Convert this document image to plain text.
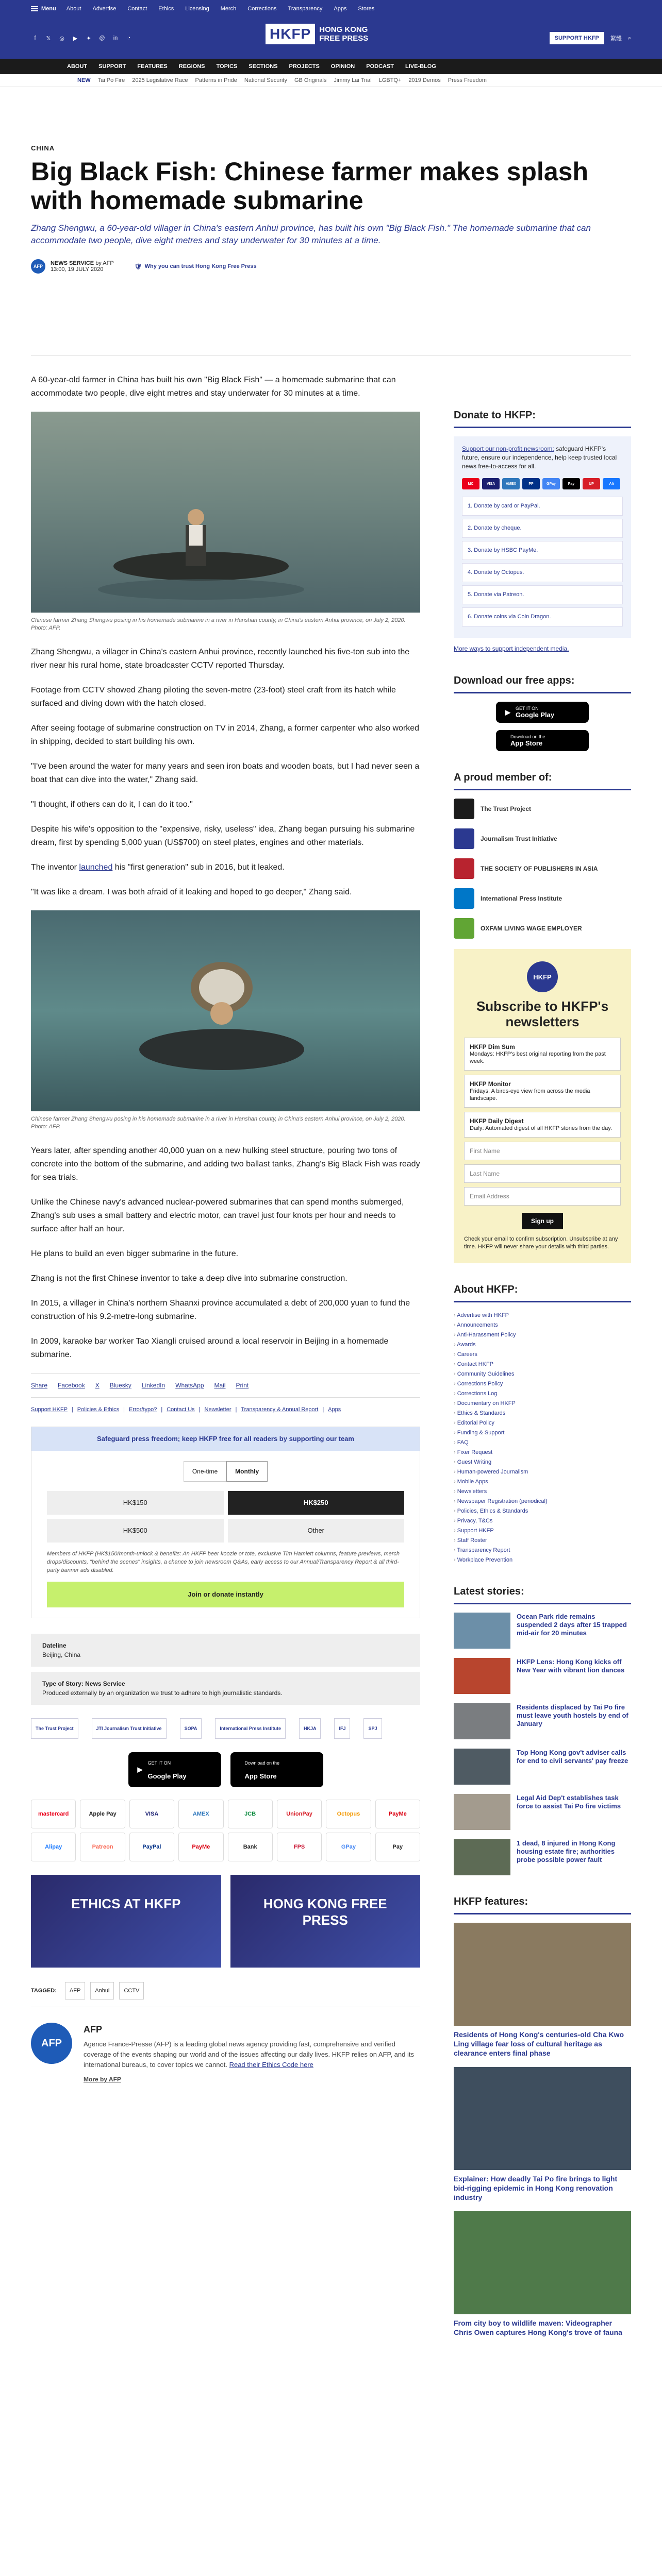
Menu About Advertise Contact Ethics Licensing Merch Corrections Transparency Apps Stores
f	𝕏	◎	▶	✦	@	in	◔	HKFP	HONG KONG
FREE PRESS	SUPPORT HKFP	繁體 ⌕
ABOUT SUPPORT FEATURES REGIONS TOPICS SECTIONS PROJECTS OPINION PODCAST LIVE-BLOG
NEW Tai Po Fire 2025 Legislative Race Patterns in Pride National Security GB Originals Jimmy Lai Trial LGBTQ+ 2019 Demos Press Freedom
CHINA
Big Black Fish: Chinese farmer makes splash with homemade submarine

Zhang Shengwu, a 60-year-old villager in China's eastern Anhui province, has built his own "Big Black Fish." The homemade submarine that can accommodate two people, dive eight metres and stay underwater for 30 minutes at a time.

AFP	NEWS SERVICE by AFP
13:00, 19 JULY 2020	🛡 Why you can trust Hong Kong Free Press

A 60-year-old farmer in China has built his own "Big Black Fish" — a homemade submarine that can accommodate two people, dive eight metres and stay underwater for 30 minutes at a time.

Chinese farmer Zhang Shengwu posing in his homemade submarine in a river in Hanshan county, in China's eastern Anhui province, on July 2, 2020. Photo: AFP.

Zhang Shengwu, a villager in China's eastern Anhui province, recently launched his five-ton sub into the river near his rural home, state broadcaster CCTV reported Thursday.

Footage from CCTV showed Zhang piloting the seven-metre (23-foot) steel craft from its hatch while surfaced and diving down with the hatch closed.

After seeing footage of submarine construction on TV in 2014, Zhang, a former carpenter who also worked in shipping, decided to start building his own.

"I've been around the water for many years and seen iron boats and wooden boats, but I had never seen a boat that can dive into the water," Zhang said.

"I thought, if others can do it, I can do it too."

Despite his wife's opposition to the "expensive, risky, useless" idea, Zhang began pursuing his submarine dream, first by spending 5,000 yuan (US$700) on steel plates, engines and other materials.

The inventor launched his "first generation" sub in 2016, but it leaked.

"It was like a dream. I was both afraid of it leaking and hoped to go deeper," Zhang said.

Chinese farmer Zhang Shengwu posing in his homemade submarine in a river in Hanshan county, in China's eastern Anhui province, on July 2, 2020. Photo: AFP.

Years later, after spending another 40,000 yuan on a new hulking steel structure, pouring two tons of concrete into the bottom of the submarine, and adding two ballast tanks, Zhang's Big Black Fish was ready for sea trials.

Unlike the Chinese navy's advanced nuclear-powered submarines that can spend months submerged, Zhang's sub uses a small battery and electric motor, can travel just four knots per hour and needs to surface after half an hour.

He plans to build an even bigger submarine in the future.

Zhang is not the first Chinese inventor to take a deep dive into submarine construction.

In 2015, a villager in China's northern Shaanxi province accumulated a debt of 200,000 yuan to fund the construction of his 9.2-metre-long submarine.

In 2009, karaoke bar worker Tao Xiangli cruised around a local reservoir in Beijing in a homemade submarine.

Share Facebook X Bluesky LinkedIn WhatsApp Mail Print
Support HKFP | Policies & Ethics | Error/typo? | Contact Us | Newsletter | Transparency & Annual Report | Apps
Safeguard press freedom; keep HKFP free for all readers by supporting our team
One-time	Monthly
HK$150	HK$250
HK$500	Other
Members of HKFP (HK$150/month-unlock & benefits: An HKFP beer koozie or tote, exclusive Tim Hamlett columns, feature previews, merch drops/discounts, "behind the scenes" insights, a chance to join newsroom Q&As, early access to our Annual/Transparency Report & all third-party banner ads disabled.
Join or donate instantly
Dateline
Beijing, China
Type of Story: News Service
Produced externally by an organization we trust to adhere to high journalistic standards.
The Trust Project	JTI Journalism Trust Initiative	SOPA	International Press Institute	HKJA	IFJ	SPJ
▶
GET IT ON
Google Play
Download on the
App Store
mastercard	Apple Pay	VISA	AMEX	JCB	UnionPay	Octopus	PayMe
Alipay	Patreon	PayPal	PayMe	Bank	FPS	GPay	Pay
ETHICS AT HKFP	HONG KONG FREE PRESS
TAGGED:	AFP	Anhui	CCTV
AFP
AFP

Agence France-Presse (AFP) is a leading global news agency providing fast, comprehensive and verified coverage of the events shaping our world and of the issues affecting our daily lives. HKFP relies on AFP, and its international bureaus, to cover topics we cannot. Read their Ethics Code here

More by AFP

Donate to HKFP:

Support our non-profit newsroom: safeguard HKFP's future, ensure our independence, help keep trusted local news free-to-access for all.

MC	VISA	AMEX	PP	GPay	Pay	UP	Ali
1. Donate by card or PayPal.
2. Donate by cheque.
3. Donate by HSBC PayMe.
4. Donate by Octopus.
5. Donate via Patreon.
6. Donate coins via Coin Dragon.
More ways to support independent media.
Download our free apps:
▶ GET IT ON
Google Play
Download on the
App Store
A proud member of:
The Trust Project
Journalism Trust Initiative
THE SOCIETY OF PUBLISHERS IN ASIA
International Press Institute
OXFAM LIVING WAGE EMPLOYER
HKFP
Subscribe to HKFP's newsletters
HKFP Dim Sum
Mondays: HKFP's best original reporting from the past week.
HKFP Monitor
Fridays: A birds-eye view from across the media landscape.
HKFP Daily Digest
Daily: Automated digest of all HKFP stories from the day.
First Name
Last Name
Email Address
Sign up
Check your email to confirm subscription. Unsubscribe at any time. HKFP will never share your details with third parties.
About HKFP:
› Advertise with HKFP
› Announcements
› Anti-Harassment Policy
› Awards
› Careers
› Contact HKFP
› Community Guidelines
› Corrections Policy
› Corrections Log
› Documentary on HKFP
› Ethics & Standards
› Editorial Policy
› Funding & Support
› FAQ
› Fixer Request
› Guest Writing
› Human-powered Journalism
› Mobile Apps
› Newsletters
› Newspaper Registration (periodical)
› Policies, Ethics & Standards
› Privacy, T&Cs
› Support HKFP
› Staff Roster
› Transparency Report
› Workplace Prevention
Latest stories:
Ocean Park ride remains suspended 2 days after 15 trapped mid-air for 20 minutes
HKFP Lens: Hong Kong kicks off New Year with vibrant lion dances
Residents displaced by Tai Po fire must leave youth hostels by end of January
Top Hong Kong gov't adviser calls for end to civil servants' pay freeze
Legal Aid Dep't establishes task force to assist Tai Po fire victims
1 dead, 8 injured in Hong Kong housing estate fire; authorities probe possible power fault
HKFP features:
Residents of Hong Kong's centuries-old Cha Kwo Ling village fear loss of cultural heritage as clearance enters final phase
Explainer: How deadly Tai Po fire brings to light bid-rigging epidemic in Hong Kong renovation industry
From city boy to wildlife maven: Videographer Chris Owen captures Hong Kong's trove of fauna
